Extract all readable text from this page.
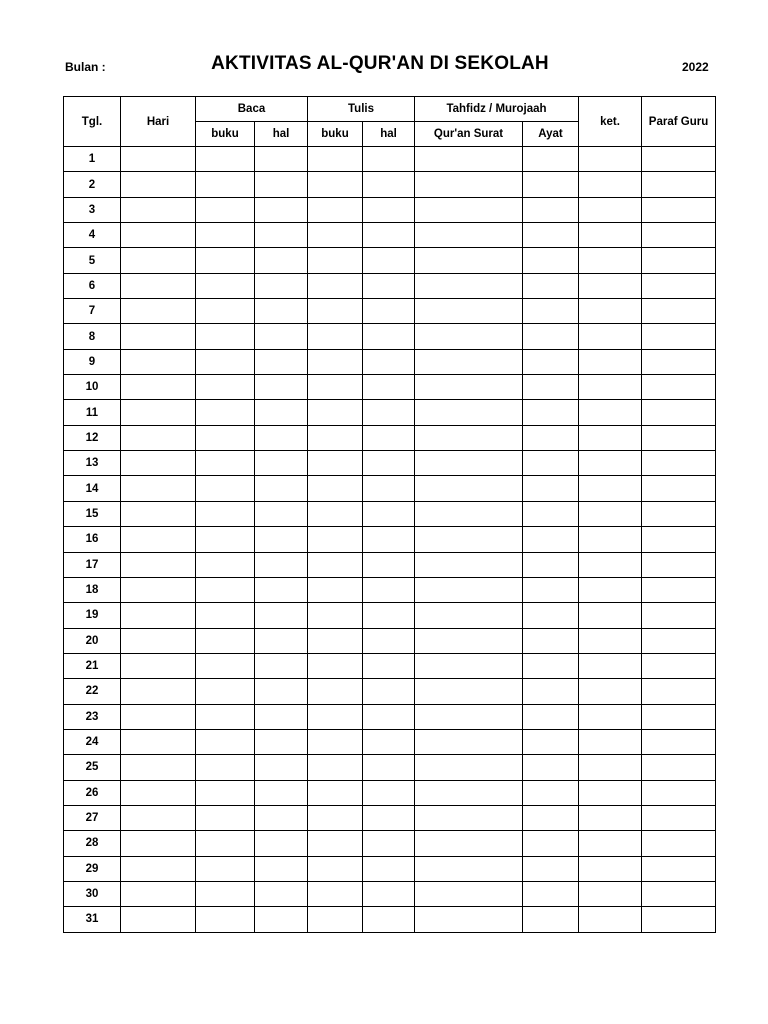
Bulan :	AKTIVITAS AL-QUR'AN DI SEKOLAH	2022
Tgl.	Hari	Baca		Tulis		Tahfidz / Murojaah		ket.	Paraf Guru
		buku	hal	buku	hal	Qur'an Surat	Ayat		
1									
2									
3									
4									
5									
6									
7									
8									
9									
10									
11									
12									
13									
14									
15									
16									
17									
18									
19									
20									
21									
22									
23									
24									
25									
26									
27									
28									
29									
30									
31									
